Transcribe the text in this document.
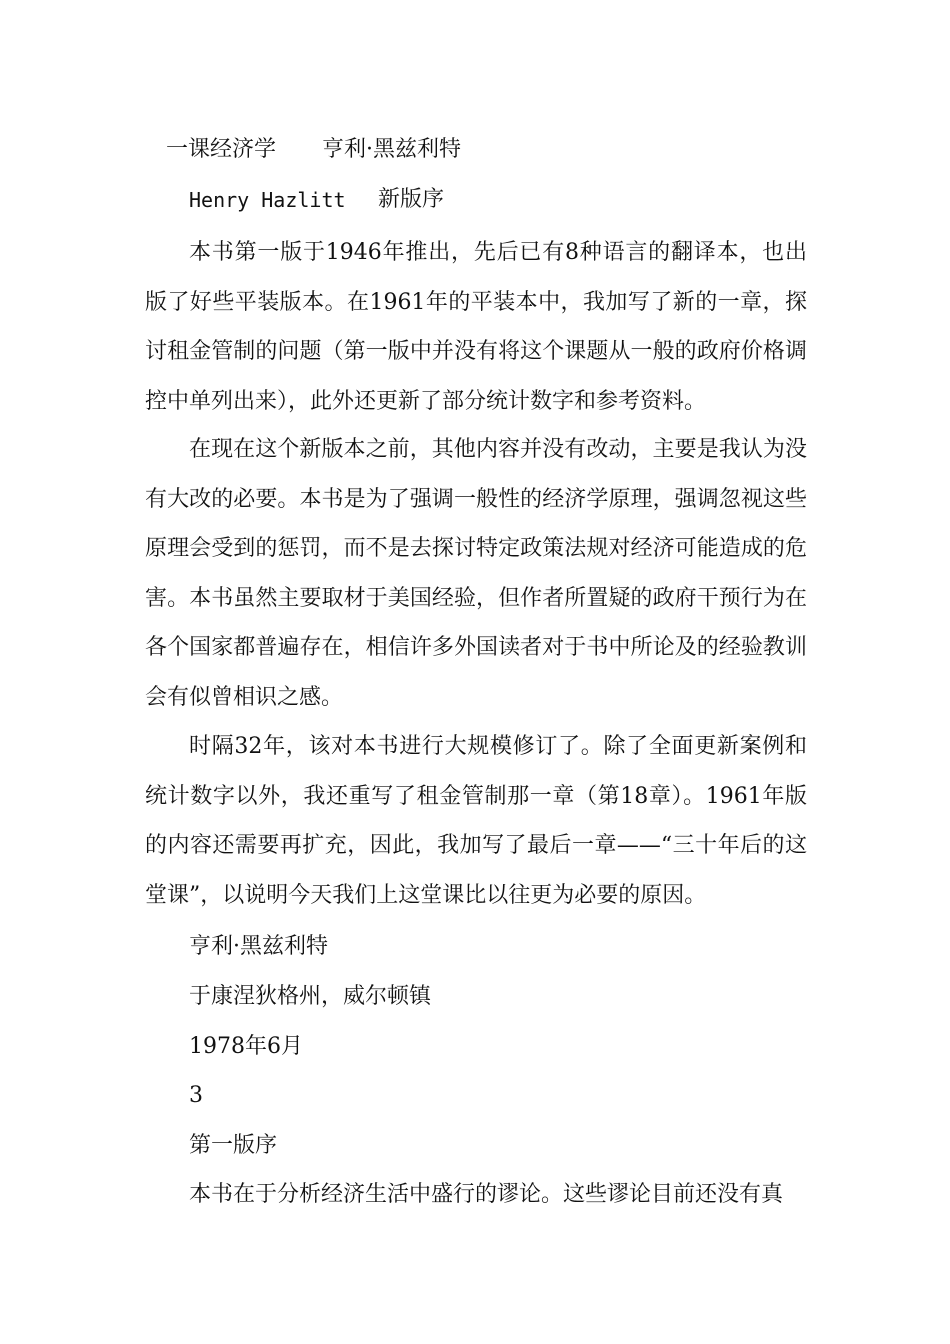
一课经济学 亨利·黑兹利特
Henry Hazlitt 新版序

本书第一版于1946年推出，先后已有8种语言的翻译本，也出版了好些平装版本。在1961年的平装本中，我加写了新的一章，探讨租金管制的问题（第一版中并没有将这个课题从一般的政府价格调控中单列出来），此外还更新了部分统计数字和参考资料。

在现在这个新版本之前，其他内容并没有改动，主要是我认为没有大改的必要。本书是为了强调一般性的经济学原理，强调忽视这些原理会受到的惩罚，而不是去探讨特定政策法规对经济可能造成的危害。本书虽然主要取材于美国经验，但作者所置疑的政府干预行为在各个国家都普遍存在，相信许多外国读者对于书中所论及的经验教训会有似曾相识之感。

时隔32年，该对本书进行大规模修订了。除了全面更新案例和统计数字以外，我还重写了租金管制那一章（第18章）。1961年版的内容还需要再扩充，因此，我加写了最后一章——“三十年后的这堂课”，以说明今天我们上这堂课比以往更为必要的原因。

亨利·黑兹利特
于康涅狄格州，威尔顿镇
1978年6月
3
第一版序
本书在于分析经济生活中盛行的谬论。这些谬论目前还没有真
